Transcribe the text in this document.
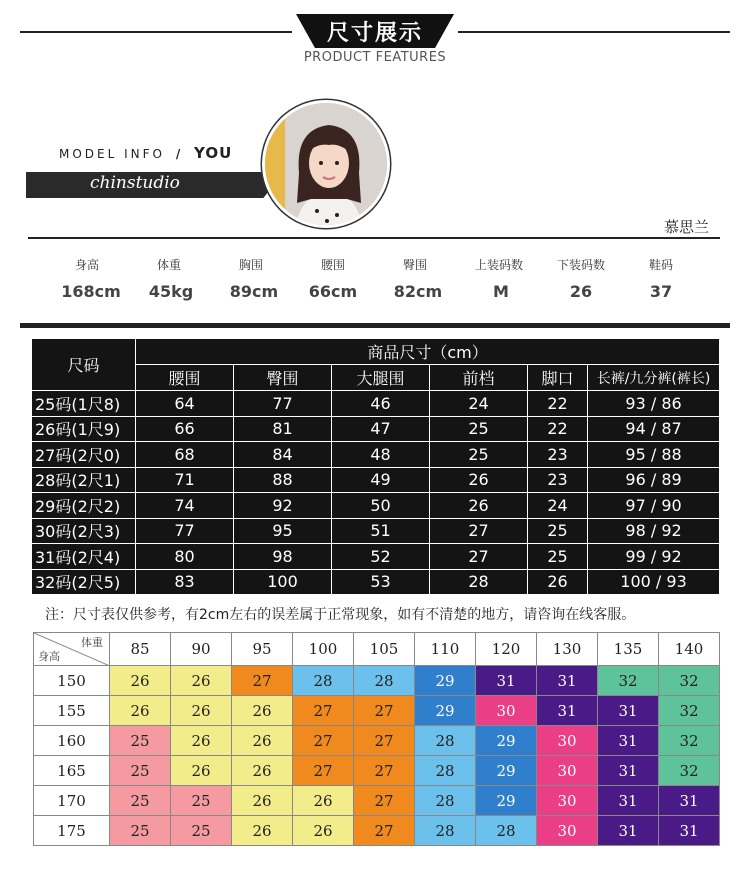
尺寸展示
PRODUCT FEATURES
MODEL INFO / YOU
chinstudio
慕思兰
身高	体重	胸围	腰围	臀围	上装码数	下装码数	鞋码
168cm	45kg	89cm	66cm	82cm	M	26	37
尺码	商品尺寸（cm）					
	腰围	臀围	大腿围	前档	脚口	长裤/九分裤(裤长)
25码(1尺8)	64	77	46	24	22	93 / 86
26码(1尺9)	66	81	47	25	22	94 / 87
27码(2尺0)	68	84	48	25	23	95 / 88
28码(2尺1)	71	88	49	26	23	96 / 89
29码(2尺2)	74	92	50	26	24	97 / 90
30码(2尺3)	77	95	51	27	25	98 / 92
31码(2尺4)	80	98	52	27	25	99 / 92
32码(2尺5)	83	100	53	28	26	100 / 93
注：尺寸表仅供参考，有2cm左右的误差属于正常现象，如有不清楚的地方，请咨询在线客服。
体重
身高	85	90	95	100	105	110	120	130	135	140
150	26	26	27	28	28	29	31	31	32	32
155	26	26	26	27	27	29	30	31	31	32
160	25	26	26	27	27	28	29	30	31	32
165	25	26	26	27	27	28	29	30	31	32
170	25	25	26	26	27	28	29	30	31	31
175	25	25	26	26	27	28	28	30	31	31
